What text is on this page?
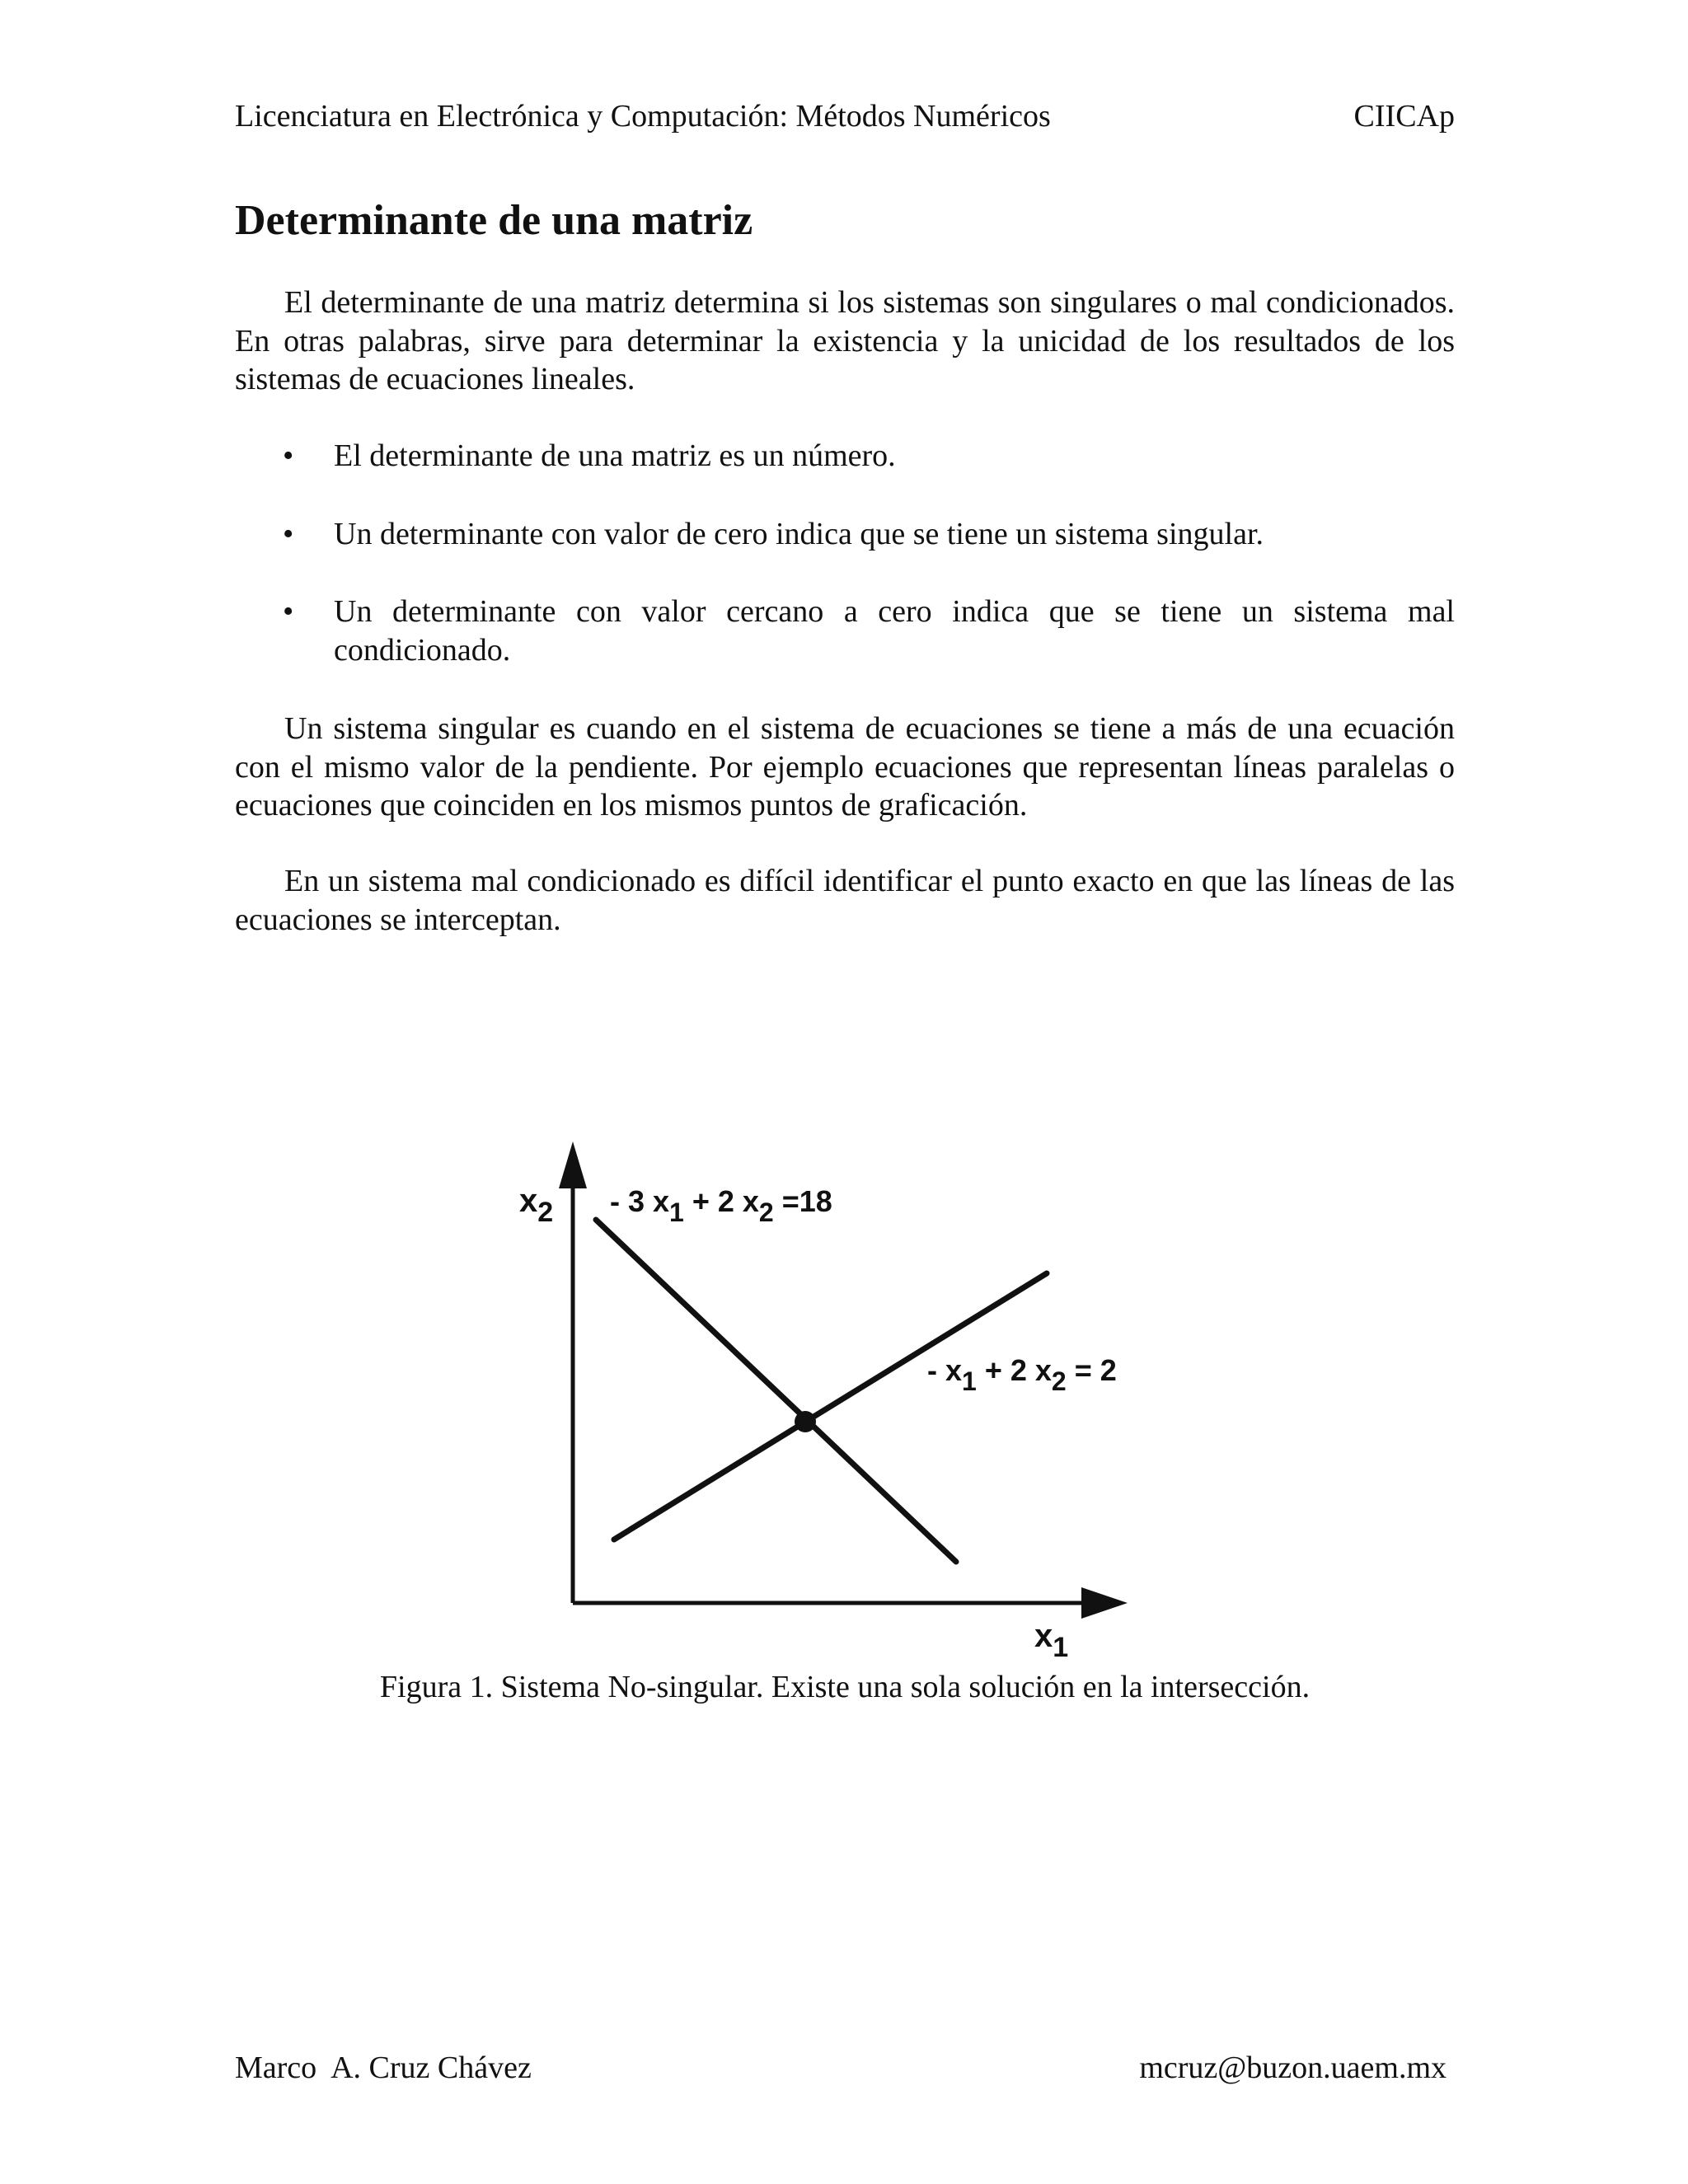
Licenciatura en Electrónica y Computación: Métodos Numéricos	CIICAp
Determinante de una matriz

El determinante de una matriz determina si los sistemas son singulares o mal condicionados. En otras palabras, sirve para determinar la existencia y la unicidad de los resultados de los sistemas de ecuaciones lineales.

• El determinante de una matriz es un número.
• Un determinante con valor de cero indica que se tiene un sistema singular.
• Un determinante con valor cercano a cero indica que se tiene un sistema mal condicionado.

Un sistema singular es cuando en el sistema de ecuaciones se tiene a más de una ecuación con el mismo valor de la pendiente. Por ejemplo ecuaciones que representan líneas paralelas o ecuaciones que coinciden en los mismos puntos de graficación.

En un sistema mal condicionado es difícil identificar el punto exacto en que las líneas de las ecuaciones se interceptan.

$x_2$
$x_1$
- 3 x1 + 2 x2 =18
- x1 + 2 x2 = 2
Figura 1. Sistema No-singular. Existe una sola solución en la intersección.
Marco  A. Cruz Chávez	mcruz@buzon.uaem.mx
